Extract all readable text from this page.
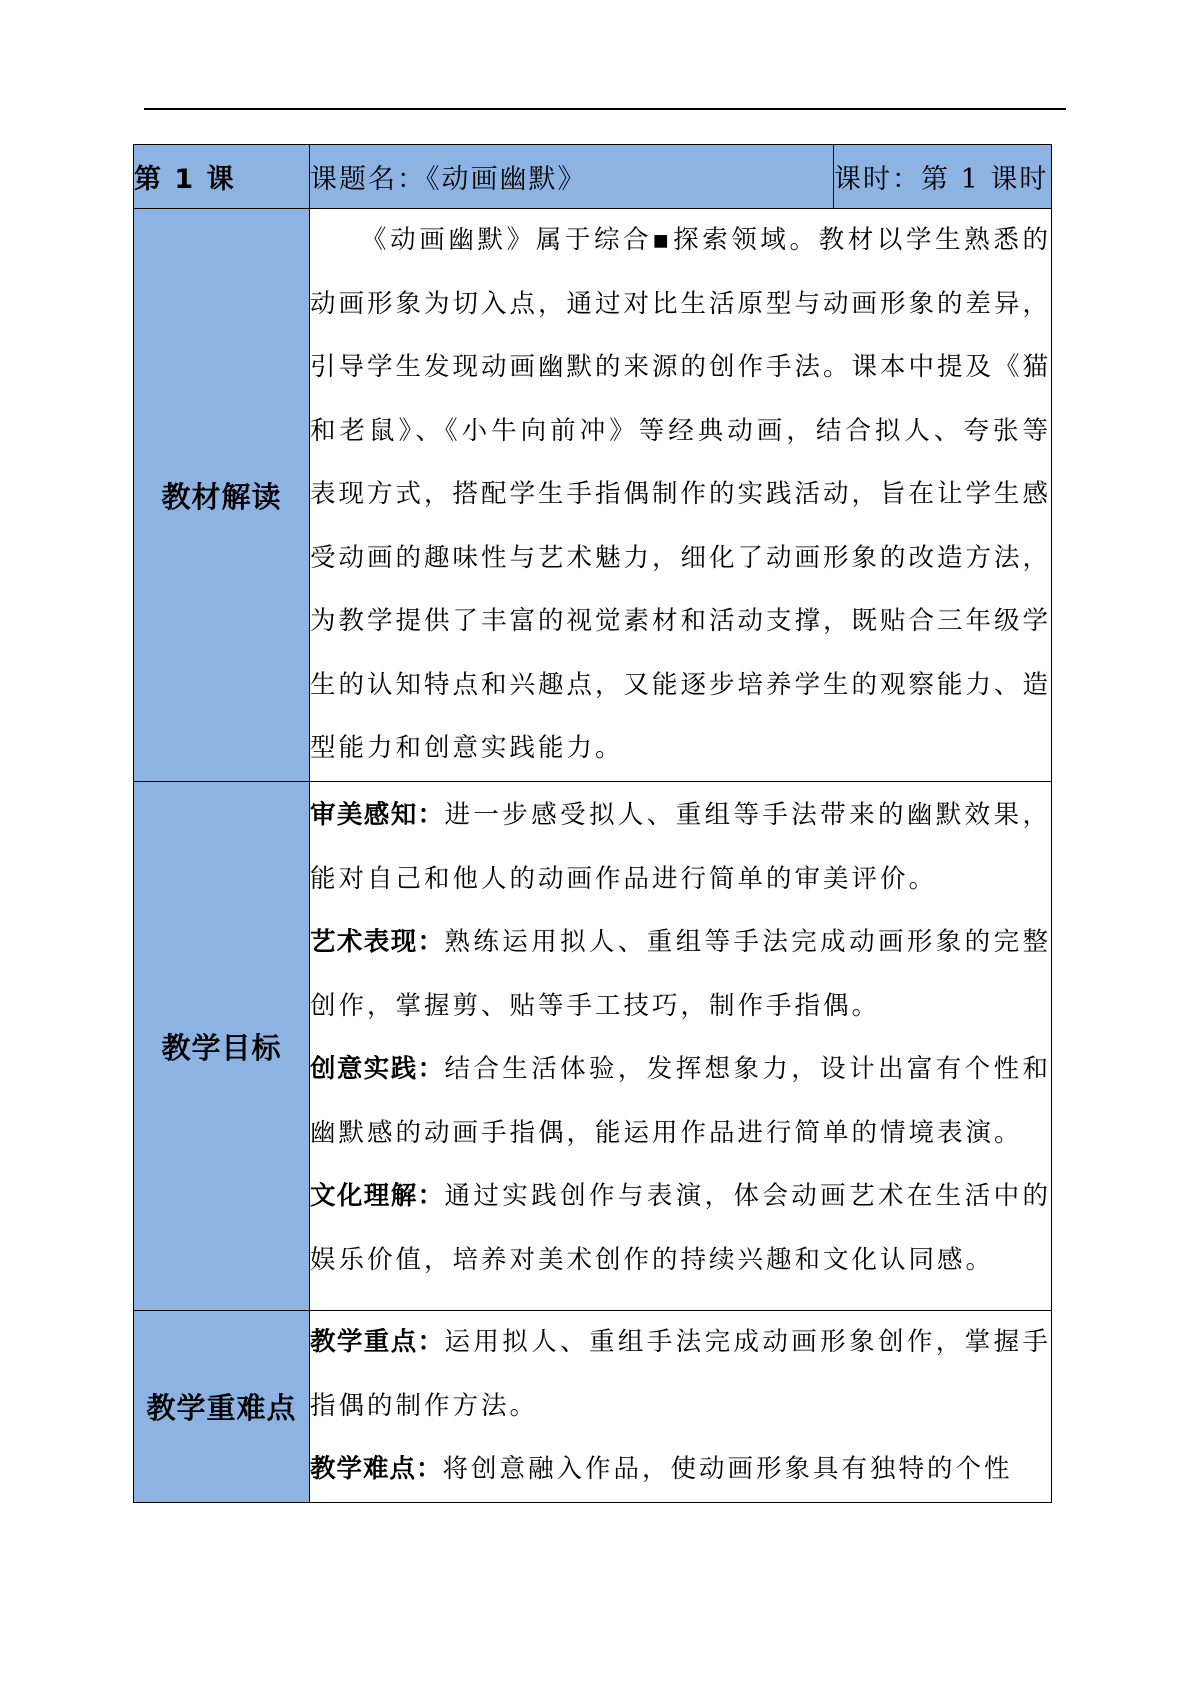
第 1 课	课题名：《动画幽默》	课时：第 1 课时
教材解读	《动画幽默》属于综合▪探索领域。教材以学生熟悉的动画形象为切入点，通过对比生活原型与动画形象的差异，引导学生发现动画幽默的来源的创作手法。课本中提及《猫和老鼠》、《小牛向前冲》等经典动画，结合拟人、夸张等表现方式，搭配学生手指偶制作的实践活动，旨在让学生感受动画的趣味性与艺术魅力，细化了动画形象的改造方法，为教学提供了丰富的视觉素材和活动支撑，既贴合三年级学生的认知特点和兴趣点，又能逐步培养学生的观察能力、造型能力和创意实践能力。	

教学目标	审美感知：进一步感受拟人、重组等手法带来的幽默效果，能对自己和他人的动画作品进行简单的审美评价。

艺术表现：熟练运用拟人、重组等手法完成动画形象的完整创作，掌握剪、贴等手工技巧，制作手指偶。

创意实践：结合生活体验，发挥想象力，设计出富有个性和幽默感的动画手指偶，能运用作品进行简单的情境表演。

文化理解：通过实践创作与表演，体会动画艺术在生活中的娱乐价值，培养对美术创作的持续兴趣和文化认同感。	

教学重难点	教学重点：运用拟人、重组手法完成动画形象创作，掌握手指偶的制作方法。

教学难点：将创意融入作品，使动画形象具有独特的个性	
